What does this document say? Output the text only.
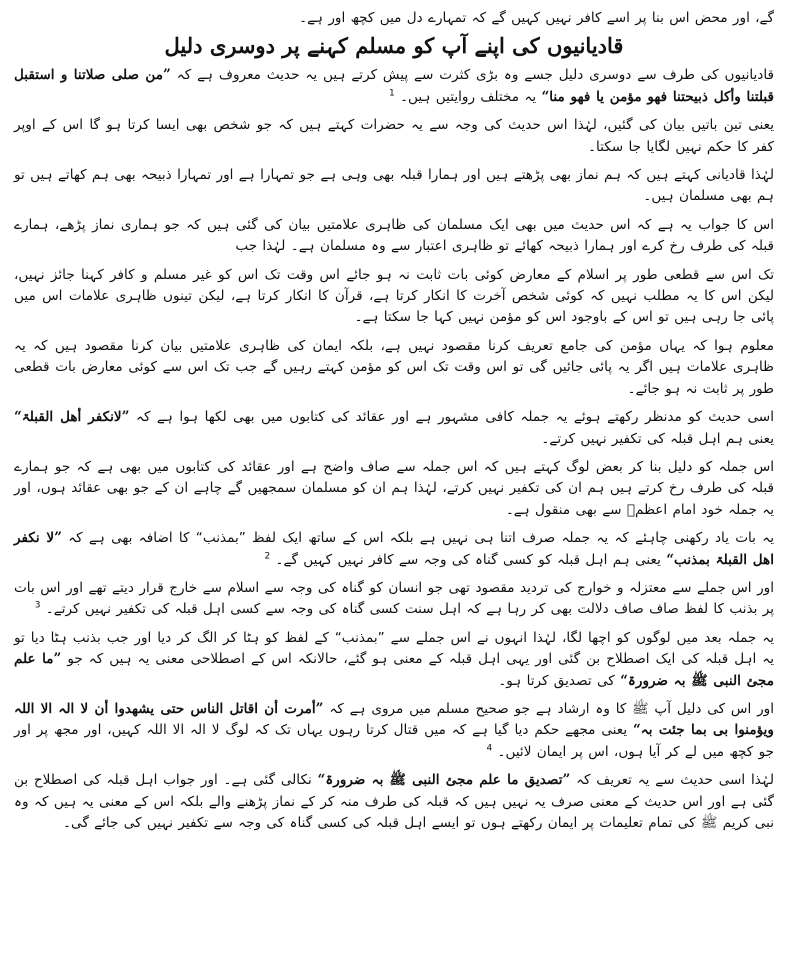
گے، اور محض اس بنا پر اسے کافر نہیں کہیں گے کہ تمہارے دل میں کچھ اور ہے۔

قادیانیوں کی اپنے آپ کو مسلم کہنے پر دوسری دلیل

قادیانیوں کی طرف سے دوسری دلیل جسے وہ بڑی کثرت سے پیش کرتے ہیں یہ حدیث معروف ہے کہ ”من صلی صلاتنا و استقبل قبلتنا وأکل ذبیحتنا فھو مؤمن یا فھو منا“ یہ مختلف روایتیں ہیں۔ $^1$

یعنی تین باتیں بیان کی گئیں، لہٰذا اس حدیث کی وجہ سے یہ حضرات کہتے ہیں کہ جو شخص بھی ایسا کرتا ہو گا اس کے اوپر کفر کا حکم نہیں لگایا جا سکتا۔

لہٰذا قادیانی کہتے ہیں کہ ہم نماز بھی پڑھتے ہیں اور ہمارا قبلہ بھی وہی ہے جو تمہارا ہے اور تمہارا ذبیحہ بھی ہم کھاتے ہیں تو ہم بھی مسلمان ہیں۔

اس کا جواب یہ ہے کہ اس حدیث میں بھی ایک مسلمان کی ظاہری علامتیں بیان کی گئی ہیں کہ جو ہماری نماز پڑھے، ہمارے قبلہ کی طرف رخ کرے اور ہمارا ذبیحہ کھائے تو ظاہری اعتبار سے وہ مسلمان ہے۔ لہٰذا جب

تک اس سے قطعی طور پر اسلام کے معارض کوئی بات ثابت نہ ہو جائے اس وقت تک اس کو غیر مسلم و کافر کہنا جائز نہیں، لیکن اس کا یہ مطلب نہیں کہ کوئی شخص آخرت کا انکار کرتا ہے، قرآن کا انکار کرتا ہے، لیکن تینوں ظاہری علامات اس میں پائی جا رہی ہیں تو اس کے باوجود اس کو مؤمن نہیں کہا جا سکتا ہے۔

معلوم ہوا کہ یہاں مؤمن کی جامع تعریف کرنا مقصود نہیں ہے، بلکہ ایمان کی ظاہری علامتیں بیان کرنا مقصود ہیں کہ یہ ظاہری علامات ہیں اگر یہ پائی جائیں گی تو اس وقت تک اس کو مؤمن کہتے رہیں گے جب تک اس سے کوئی معارض بات قطعی طور پر ثابت نہ ہو جائے۔

اسی حدیث کو مدنظر رکھتے ہوئے یہ جملہ کافی مشہور ہے اور عقائد کی کتابوں میں بھی لکھا ہوا ہے کہ ”لانکفر أھل القبلۃ“ یعنی ہم اہل قبلہ کی تکفیر نہیں کرتے۔

اس جملہ کو دلیل بنا کر بعض لوگ کہتے ہیں کہ اس جملہ سے صاف واضح ہے اور عقائد کی کتابوں میں بھی ہے کہ جو ہمارے قبلہ کی طرف رخ کرتے ہیں ہم ان کی تکفیر نہیں کرتے، لہٰذا ہم ان کو مسلمان سمجھیں گے چاہے ان کے جو بھی عقائد ہوں، اور یہ جملہ خود امام اعظمؒ سے بھی منقول ہے۔

یہ بات یاد رکھنی چاہئے کہ یہ جملہ صرف اتنا ہی نہیں ہے بلکہ اس کے ساتھ ایک لفظ ”بمذنب“ کا اضافہ بھی ہے کہ ”لا نکفر اھل القبلۃ بمذنب“ یعنی ہم اہل قبلہ کو کسی گناہ کی وجہ سے کافر نہیں کہیں گے۔ $^2$

اور اس جملے سے معتزلہ و خوارج کی تردید مقصود تھی جو انسان کو گناہ کی وجہ سے اسلام سے خارج قرار دیتے تھے اور اس بات پر بذنب کا لفظ صاف صاف دلالت بھی کر رہا ہے کہ اہل سنت کسی گناہ کی وجہ سے کسی اہل قبلہ کی تکفیر نہیں کرتے۔ $^3$

یہ جملہ بعد میں لوگوں کو اچھا لگا، لہٰذا انہوں نے اس جملے سے ”بمذنب“ کے لفظ کو ہٹا کر الگ کر دیا اور جب بذنب ہٹا دیا تو یہ اہل قبلہ کی ایک اصطلاح بن گئی اور یہی اہل قبلہ کے معنی ہو گئے، حالانکہ اس کے اصطلاحی معنی یہ ہیں کہ جو ”ما علم مجئ النبی ﷺ بہ ضرورۃ“ کی تصدیق کرتا ہو۔

اور اس کی دلیل آپ ﷺ کا وہ ارشاد ہے جو صحیح مسلم میں مروی ہے کہ ”أمرت أن اقاتل الناس حتی یشھدوا أن لا الہ الا اللہ ویؤمنوا بی بما جئت بہ“ یعنی مجھے حکم دیا گیا ہے کہ میں قتال کرتا رہوں یہاں تک کہ لوگ لا الہ الا اللہ کہیں، اور مجھ پر اور جو کچھ میں لے کر آیا ہوں، اس پر ایمان لائیں۔ $^4$

لہٰذا اسی حدیث سے یہ تعریف کہ ”تصدیق ما علم مجئ النبی ﷺ بہ ضرورۃ“ نکالی گئی ہے۔ اور جواب اہل قبلہ کی اصطلاح بن گئی ہے اور اس حدیث کے معنی صرف یہ نہیں ہیں کہ قبلہ کی طرف منہ کر کے نماز پڑھنے والے بلکہ اس کے معنی یہ ہیں کہ وہ نبی کریم ﷺ کی تمام تعلیمات پر ایمان رکھتے ہوں تو ایسے اہل قبلہ کی کسی گناہ کی وجہ سے تکفیر نہیں کی جائے گی۔
